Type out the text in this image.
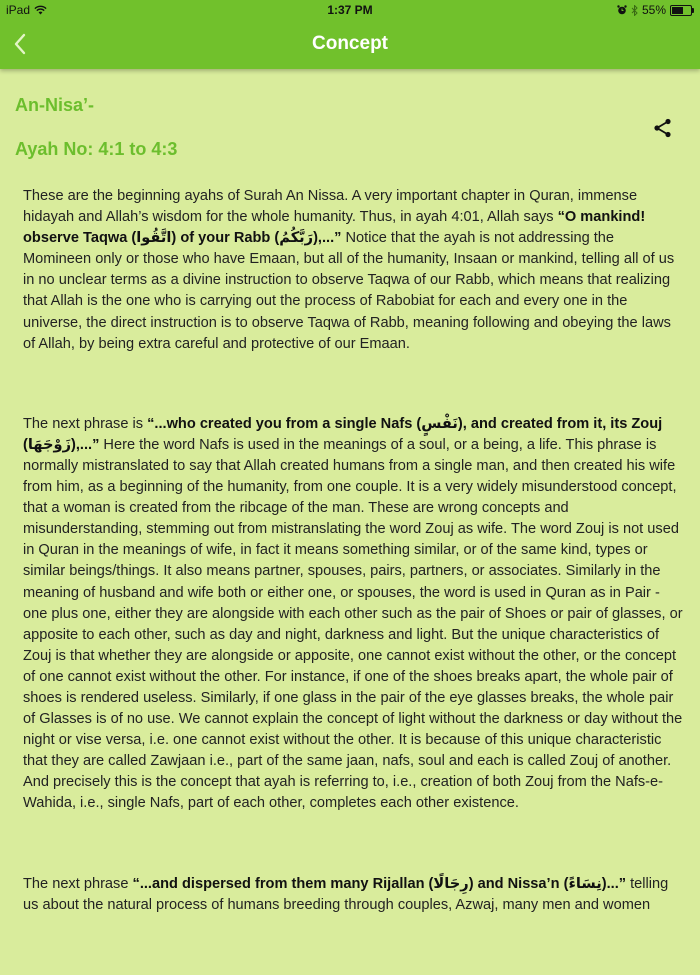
iPad	1:37 PM	55%
Concept
An-Nisa’-
Ayah No: 4:1 to 4:3

These are the beginning ayahs of Surah An Nissa. A very important chapter in Quran, immense hidayah and Allah’s wisdom for the whole humanity. Thus, in ayah 4:01, Allah says “O mankind! observe Taqwa (اتَّقُوا) of your Rabb (رَبَّكُمُ),...” Notice that the ayah is not addressing the Momineen only or those who have Emaan, but all of the humanity, Insaan or mankind, telling all of us in no unclear terms as a divine instruction to observe Taqwa of our Rabb, which means that realizing that Allah is the one who is carrying out the process of Rabobiat for each and every one in the universe, the direct instruction is to observe Taqwa of Rabb, meaning following and obeying the laws of Allah, by being extra careful and protective of our Emaan.

The next phrase is “...who created you from a single Nafs (نَفْسٍ), and created from it, its Zouj (زَوْجَهَا),...” Here the word Nafs is used in the meanings of a soul, or a being, a life. This phrase is normally mistranslated to say that Allah created humans from a single man, and then created his wife from him, as a beginning of the humanity, from one couple. It is a very widely misunderstood concept, that a woman is created from the ribcage of the man. These are wrong concepts and misunderstanding, stemming out from mistranslating the word Zouj as wife. The word Zouj is not used in Quran in the meanings of wife, in fact it means something similar, or of the same kind, types or similar beings/things. It also means partner, spouses, pairs, partners, or associates. Similarly in the meaning of husband and wife both or either one, or spouses, the word is used in Quran as in Pair - one plus one, either they are alongside with each other such as the pair of Shoes or pair of glasses, or apposite to each other, such as day and night, darkness and light. But the unique characteristics of Zouj is that whether they are alongside or apposite, one cannot exist without the other, or the concept of one cannot exist without the other. For instance, if one of the shoes breaks apart, the whole pair of shoes is rendered useless. Similarly, if one glass in the pair of the eye glasses breaks, the whole pair of Glasses is of no use. We cannot explain the concept of light without the darkness or day without the night or vise versa, i.e. one cannot exist without the other. It is because of this unique characteristic that they are called Zawjaan i.e., part of the same jaan, nafs, soul and each is called Zouj of another. And precisely this is the concept that ayah is referring to, i.e., creation of both Zouj from the Nafs-e-Wahida, i.e., single Nafs, part of each other, completes each other existence.

The next phrase “...and dispersed from them many Rijallan (رِجَالًا) and Nissa’n (نِسَاءً)...” telling us about the natural process of humans breeding through couples, Azwaj, many men and women
